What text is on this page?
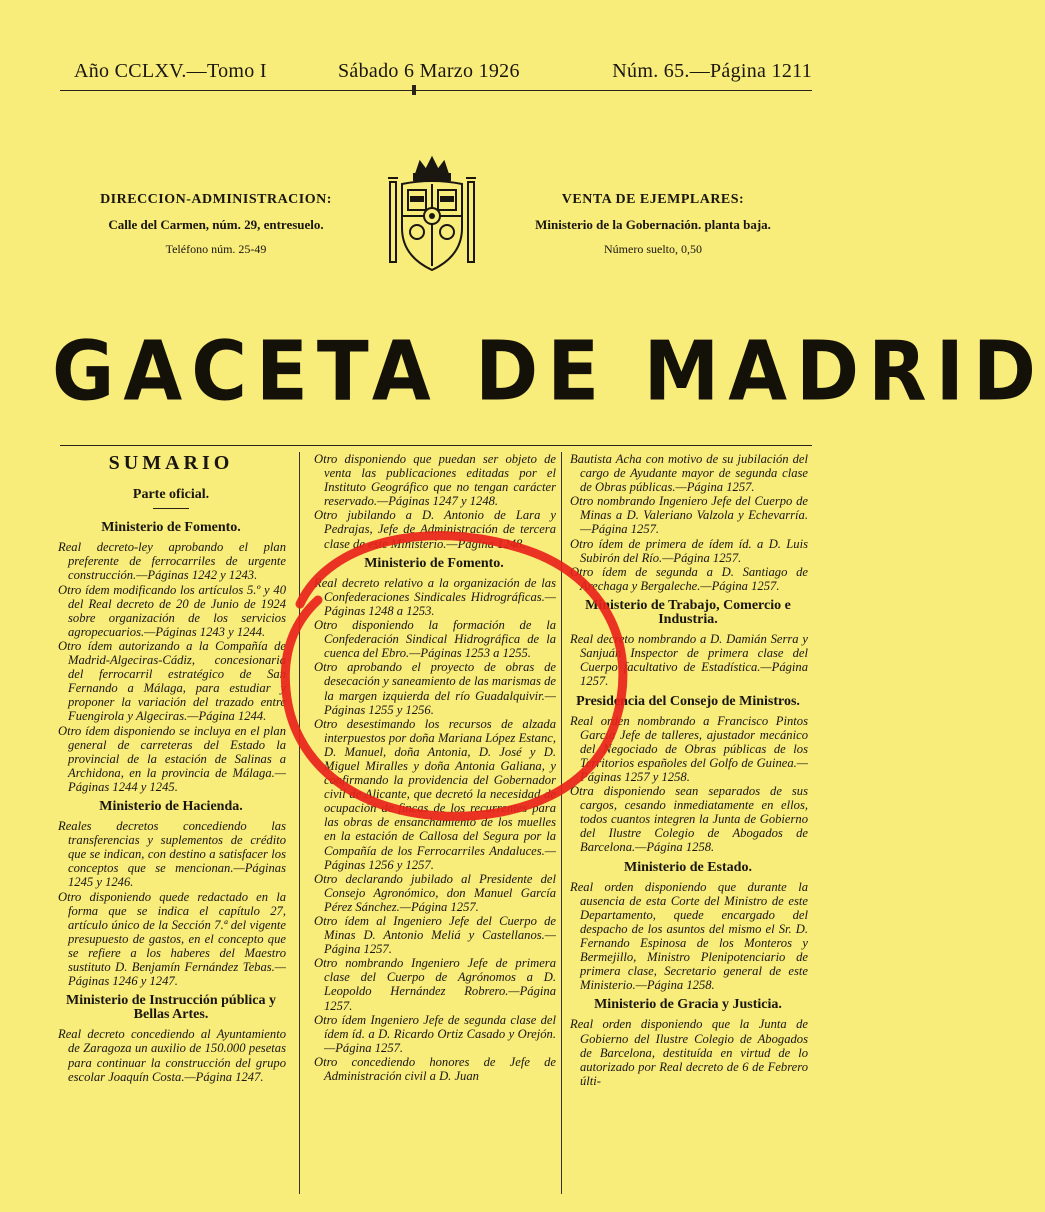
Año CCLXV.—Tomo I	Sábado 6 Marzo 1926	Núm. 65.—Página 1211
DIRECCION-ADMINISTRACION:
Calle del Carmen, núm. 29, entresuelo.
Teléfono núm. 25-49
VENTA DE EJEMPLARES:
Ministerio de la Gobernación. planta baja.
Número suelto, 0,50
GACETA DE MADRID
SUMARIO
Parte oficial.
Ministerio de Fomento.

Real decreto-ley aprobando el plan preferente de ferrocarriles de urgente construcción.—Páginas 1242 y 1243.

Otro ídem modificando los artículos 5.º y 40 del Real decreto de 20 de Junio de 1924 sobre organización de los servicios agropecuarios.—Páginas 1243 y 1244.

Otro ídem autorizando a la Compañía de Madrid-Algeciras-Cádiz, concesionaria del ferrocarril estratégico de San Fernando a Málaga, para estudiar y proponer la variación del trazado entre Fuengirola y Algeciras.—Página 1244.

Otro ídem disponiendo se incluya en el plan general de carreteras del Estado la provincial de la estación de Salinas a Archidona, en la provincia de Málaga.—Páginas 1244 y 1245.

Ministerio de Hacienda.

Reales decretos concediendo las transferencias y suplementos de crédito que se indican, con destino a satisfacer los conceptos que se mencionan.—Páginas 1245 y 1246.

Otro disponiendo quede redactado en la forma que se indica el capítulo 27, artículo único de la Sección 7.ª del vigente presupuesto de gastos, en el concepto que se refiere a los haberes del Maestro sustituto D. Benjamín Fernández Tebas.—Páginas 1246 y 1247.

Ministerio de Instrucción pública y Bellas Artes.

Real decreto concediendo al Ayuntamiento de Zaragoza un auxilio de 150.000 pesetas para continuar la construcción del grupo escolar Joaquín Costa.—Página 1247.

Otro disponiendo que puedan ser objeto de venta las publicaciones editadas por el Instituto Geográfico que no tengan carácter reservado.—Páginas 1247 y 1248.

Otro jubilando a D. Antonio de Lara y Pedrajas, Jefe de Administración de tercera clase de este Ministerio.—Página 1248.

Ministerio de Fomento.

Real decreto relativo a la organización de las Confederaciones Sindicales Hidrográficas.—Páginas 1248 a 1253.

Otro disponiendo la formación de la Confederación Sindical Hidrográfica de la cuenca del Ebro.—Páginas 1253 a 1255.

Otro aprobando el proyecto de obras de desecación y saneamiento de las marismas de la margen izquierda del río Guadalquivir.—Páginas 1255 y 1256.

Otro desestimando los recursos de alzada interpuestos por doña Mariana López Estanc, D. Manuel, doña Antonia, D. José y D. Miguel Miralles y doña Antonia Galiana, y confirmando la providencia del Gobernador civil de Alicante, que decretó la necesidad de ocupación de fincas de los recurrentes para las obras de ensanchamiento de los muelles en la estación de Callosa del Segura por la Compañía de los Ferrocarriles Andaluces.—Páginas 1256 y 1257.

Otro declarando jubilado al Presidente del Consejo Agronómico, don Manuel García Pérez Sánchez.—Página 1257.

Otro ídem al Ingeniero Jefe del Cuerpo de Minas D. Antonio Meliá y Castellanos.—Página 1257.

Otro nombrando Ingeniero Jefe de primera clase del Cuerpo de Agrónomos a D. Leopoldo Hernández Robrero.—Página 1257.

Otro ídem Ingeniero Jefe de segunda clase del ídem íd. a D. Ricardo Ortiz Casado y Orejón.—Página 1257.

Otro concediendo honores de Jefe de Administración civil a D. Juan

Bautista Acha con motivo de su jubilación del cargo de Ayudante mayor de segunda clase de Obras públicas.—Página 1257.

Otro nombrando Ingeniero Jefe del Cuerpo de Minas a D. Valeriano Valzola y Echevarría.—Página 1257.

Otro ídem de primera de ídem íd. a D. Luis Subirón del Río.—Página 1257.

Otro ídem de segunda a D. Santiago de Arechaga y Bergaleche.—Página 1257.

Ministerio de Trabajo, Comercio e Industria.

Real decreto nombrando a D. Damián Serra y Sanjuán Inspector de primera clase del Cuerpo facultativo de Estadística.—Página 1257.

Presidencia del Consejo de Ministros.

Real orden nombrando a Francisco Pintos García Jefe de talleres, ajustador mecánico del Negociado de Obras públicas de los Territorios españoles del Golfo de Guinea.—Páginas 1257 y 1258.

Otra disponiendo sean separados de sus cargos, cesando inmediatamente en ellos, todos cuantos integren la Junta de Gobierno del Ilustre Colegio de Abogados de Barcelona.—Página 1258.

Ministerio de Estado.

Real orden disponiendo que durante la ausencia de esta Corte del Ministro de este Departamento, quede encargado del despacho de los asuntos del mismo el Sr. D. Fernando Espinosa de los Monteros y Bermejillo, Ministro Plenipotenciario de primera clase, Secretario general de este Ministerio.—Página 1258.

Ministerio de Gracia y Justicia.

Real orden disponiendo que la Junta de Gobierno del Ilustre Colegio de Abogados de Barcelona, destituída en virtud de lo autorizado por Real decreto de 6 de Febrero últi-
